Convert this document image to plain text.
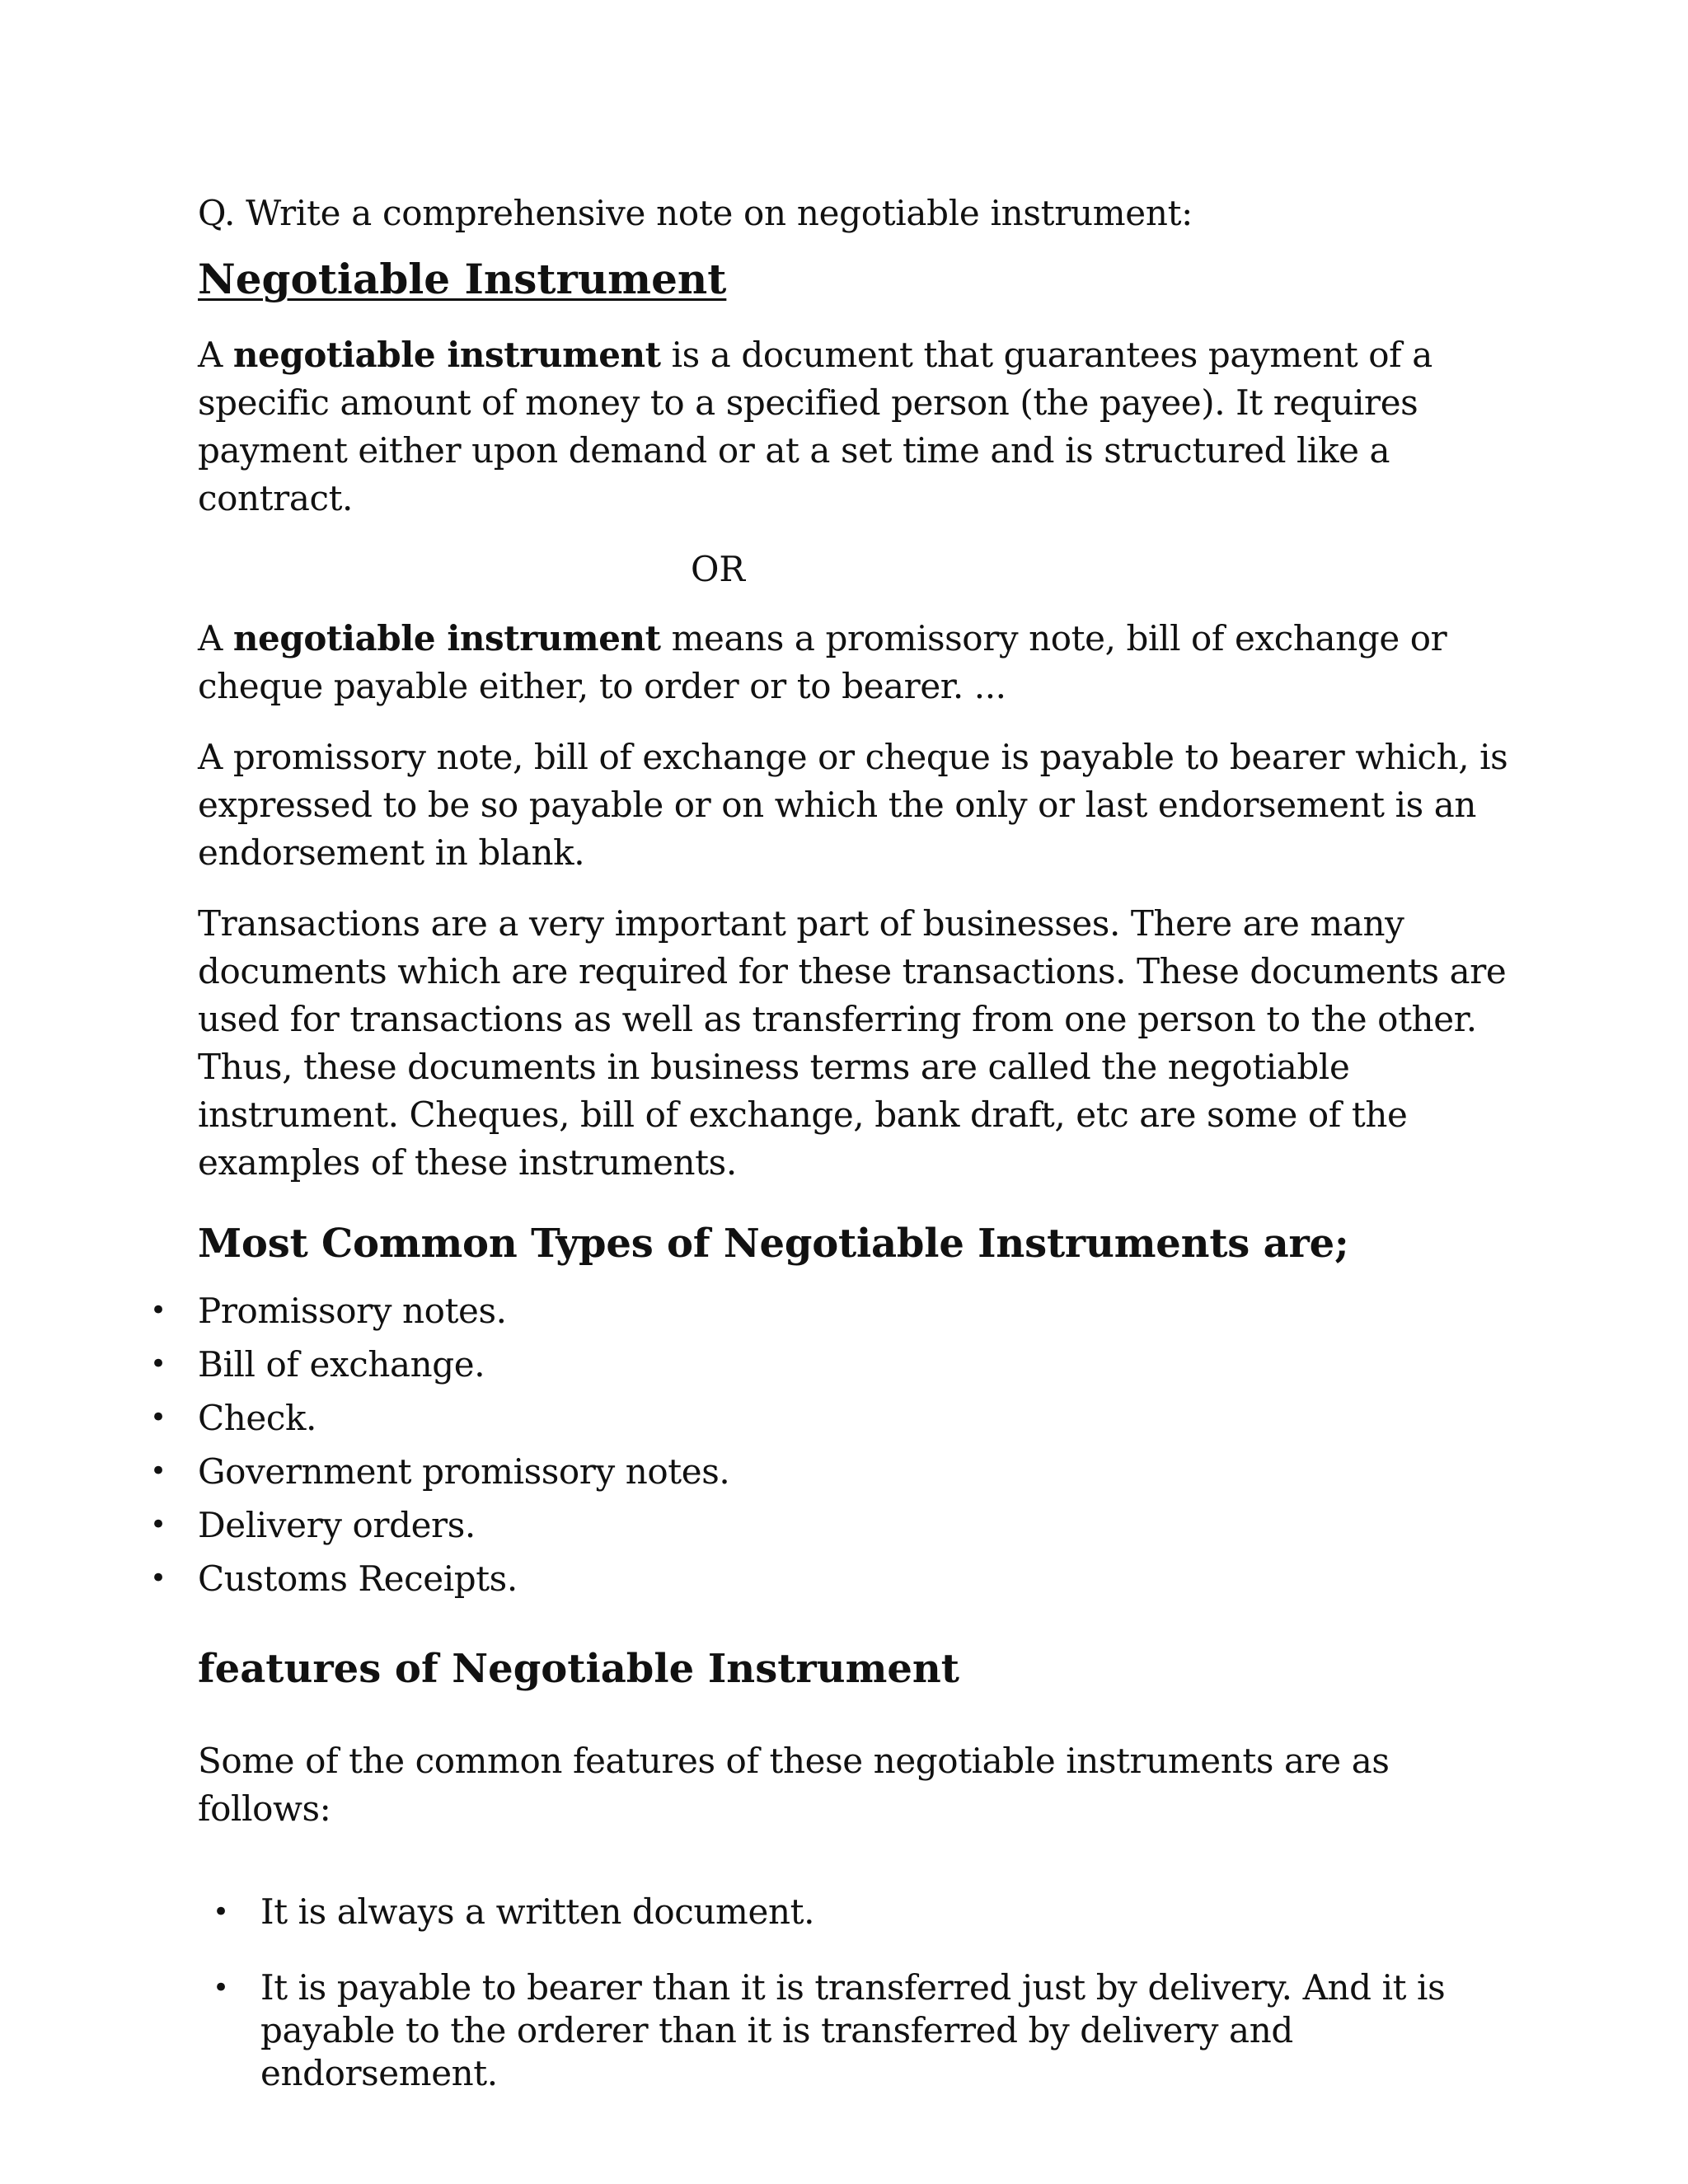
Q. Write a comprehensive note on negotiable instrument:
Negotiable Instrument

A negotiable instrument is a document that guarantees payment of a specific amount of money to a specified person (the payee). It requires payment either upon demand or at a set time and is structured like a contract.

OR

A negotiable instrument means a promissory note, bill of exchange or cheque payable either, to order or to bearer. ...

A promissory note, bill of exchange or cheque is payable to bearer which, is expressed to be so payable or on which the only or last endorsement is an endorsement in blank.

Transactions are a very important part of businesses. There are many documents which are required for these transactions. These documents are used for transactions as well as transferring from one person to the other. Thus, these documents in business terms are called the negotiable instrument. Cheques, bill of exchange, bank draft, etc are some of the examples of these instruments.

Most Common Types of Negotiable Instruments are;
• Promissory notes.
• Bill of exchange.
• Check.
• Government promissory notes.
• Delivery orders.
• Customs Receipts.
features of Negotiable Instrument
Some of the common features of these negotiable instruments are as follows:
• It is always a written document.
• It is payable to bearer than it is transferred just by delivery. And it is payable to the orderer than it is transferred by delivery and endorsement.
